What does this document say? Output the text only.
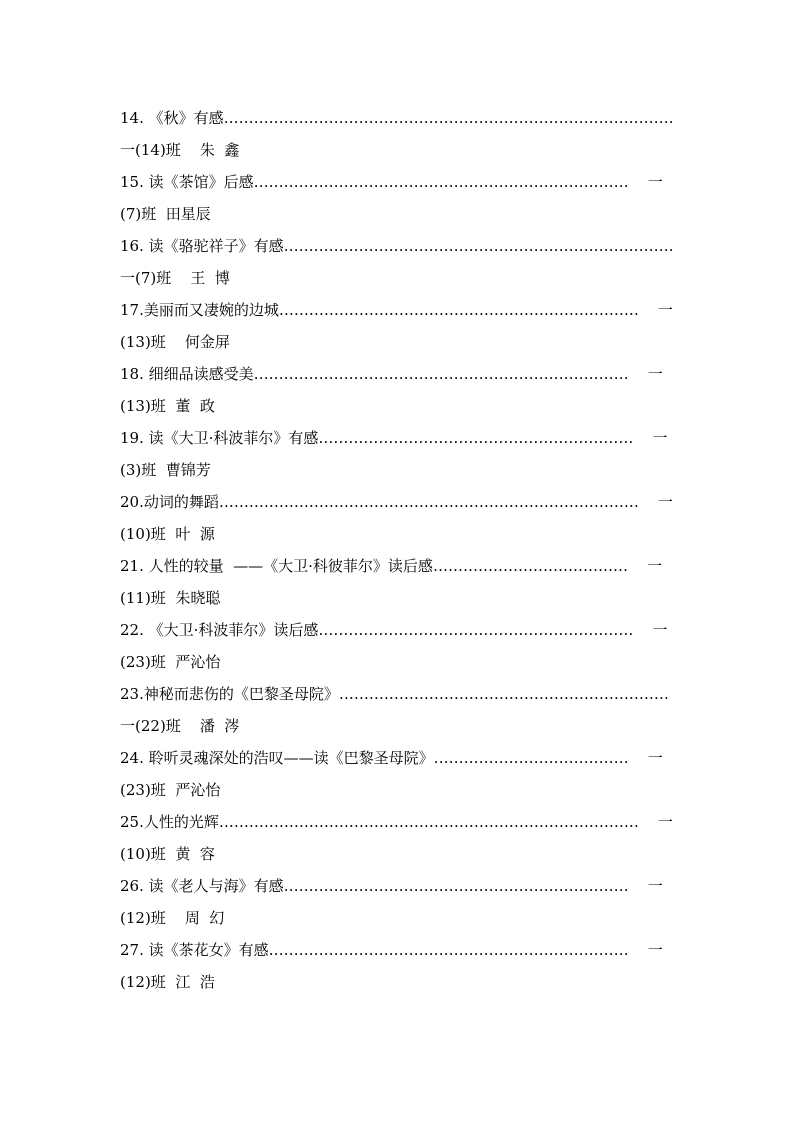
14. 《秋》有感………………………………………………………………………………
一(14)班    朱  鑫
15. 读《茶馆》后感…………………………………………………………………    一
(7)班  田星辰
16. 读《骆驼祥子》有感……………………………………………………………………
一(7)班    王  博
17.美丽而又凄婉的边城………………………………………………………………    一
(13)班    何金屏
18. 细细品读感受美…………………………………………………………………    一
(13)班  董  政
19. 读《大卫·科波菲尔》有感………………………………………………………    一
(3)班  曹锦芳
20.动词的舞蹈…………………………………………………………………………    一
(10)班  叶  源
21. 人性的较量  ——《大卫·科彼菲尔》读后感…………………………………    一
(11)班  朱晓聪
22. 《大卫·科波菲尔》读后感………………………………………………………    一
(23)班  严沁怡
23.神秘而悲伤的《巴黎圣母院》…………………………………………………………
一(22)班    潘  涔
24. 聆听灵魂深处的浩叹——读《巴黎圣母院》…………………………………    一
(23)班  严沁怡
25.人性的光辉…………………………………………………………………………    一
(10)班  黄  容
26. 读《老人与海》有感……………………………………………………………    一
(12)班    周  幻
27. 读《茶花女》有感………………………………………………………………    一
(12)班  江  浩
